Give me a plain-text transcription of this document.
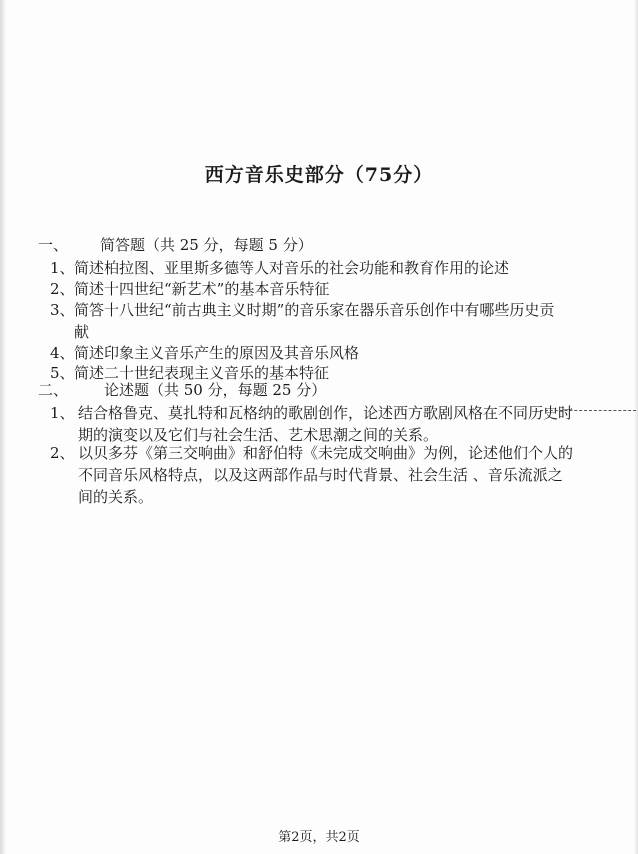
西方音乐史部分（75分）
一、 简答题（共 25 分，每题 5 分）
1、 简述柏拉图、亚里斯多德等人对音乐的社会功能和教育作用的论述
2、 简述十四世纪“新艺术”的基本音乐特征
3、 简答十八世纪“前古典主义时期”的音乐家在器乐音乐创作中有哪些历史贡
献
4、 简述印象主义音乐产生的原因及其音乐风格
5、 简述二十世纪表现主义音乐的基本特征
二、 论述题（共 50 分，每题 25 分）
1、 结合格鲁克、莫扎特和瓦格纳的歌剧创作，论述西方歌剧风格在不同历史时
期的演变以及它们与社会生活、艺术思潮之间的关系。
2、 以贝多芬《第三交响曲》和舒伯特《未完成交响曲》为例，论述他们个人的
不同音乐风格特点，以及这两部作品与时代背景、社会生活 、音乐流派之
间的关系。
第2页，共2页
